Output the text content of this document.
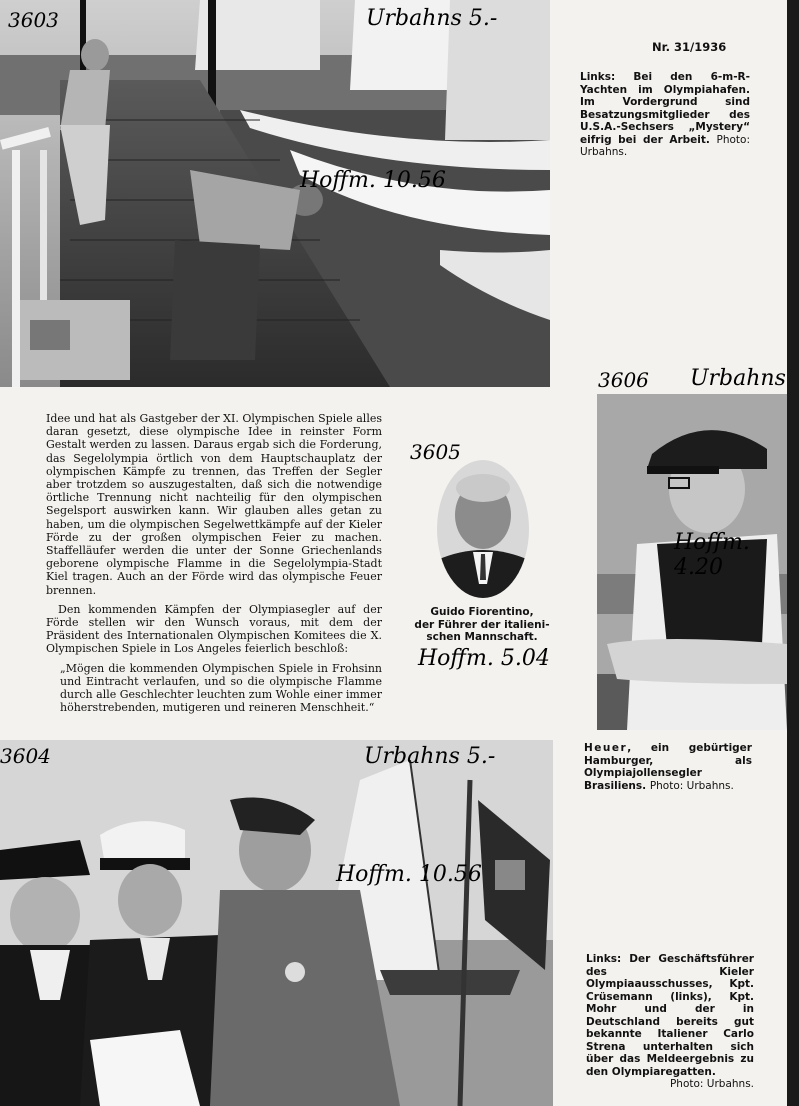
Nr. 31/1936
3603	Urbahns 5.-
Hoffm. 10.56
Links: Bei den 6-m-R-Yachten im Olympiahafen. Im Vordergrund sind Besatzungsmitglieder des U.S.A.-Sechsers „Mystery“ eifrig bei der Arbeit. Photo: Urbahns.

Idee und hat als Gastgeber der XI. Olympischen Spiele alles daran gesetzt, diese olympische Idee in reinster Form Gestalt werden zu lassen. Daraus ergab sich die Forderung, das Segelolympia örtlich von dem Hauptschauplatz der olympischen Kämpfe zu trennen, das Treffen der Segler aber trotzdem so auszugestalten, daß sich die notwendige örtliche Trennung nicht nachteilig für den olympischen Segelsport auswirken kann. Wir glauben alles getan zu haben, um die olympischen Segelwettkämpfe auf der Kieler Förde zu der großen olympischen Feier zu machen. Staffelläufer werden die unter der Sonne Griechenlands geborene olympische Flamme in die Segelolympia-Stadt Kiel tragen. Auch an der Förde wird das olympische Feuer brennen.

Den kommenden Kämpfen der Olympiasegler auf der Förde stellen wir den Wunsch voraus, mit dem der Präsident des Internationalen Olympischen Komitees die X. Olympischen Spiele in Los Angeles feierlich beschloß:

„Mögen die kommenden Olympischen Spiele in Frohsinn und Eintracht verlaufen, und so die olympische Flamme durch alle Geschlechter leuchten zum Wohle einer immer höherstrebenden, mutigeren und reineren Menschheit.“

3605
Guido Fiorentino,
der Führer der italieni-
schen Mannschaft.
Hoffm. 5.04
3606 Urbahns
Hoffm. 4.20
Heuer, ein gebürtiger Hamburger, als Olympiajollensegler Brasiliens. Photo: Urbahns.
3604	Urbahns 5.-
Hoffm. 10.56
Links: Der Geschäftsführer des Kieler Olympiaausschusses, Kpt. Crüsemann (links), Kpt. Mohr und der in Deutschland bereits gut bekannte Italiener Carlo Strena unterhalten sich über das Meldeergebnis zu den Olympiaregatten.
Photo: Urbahns.
